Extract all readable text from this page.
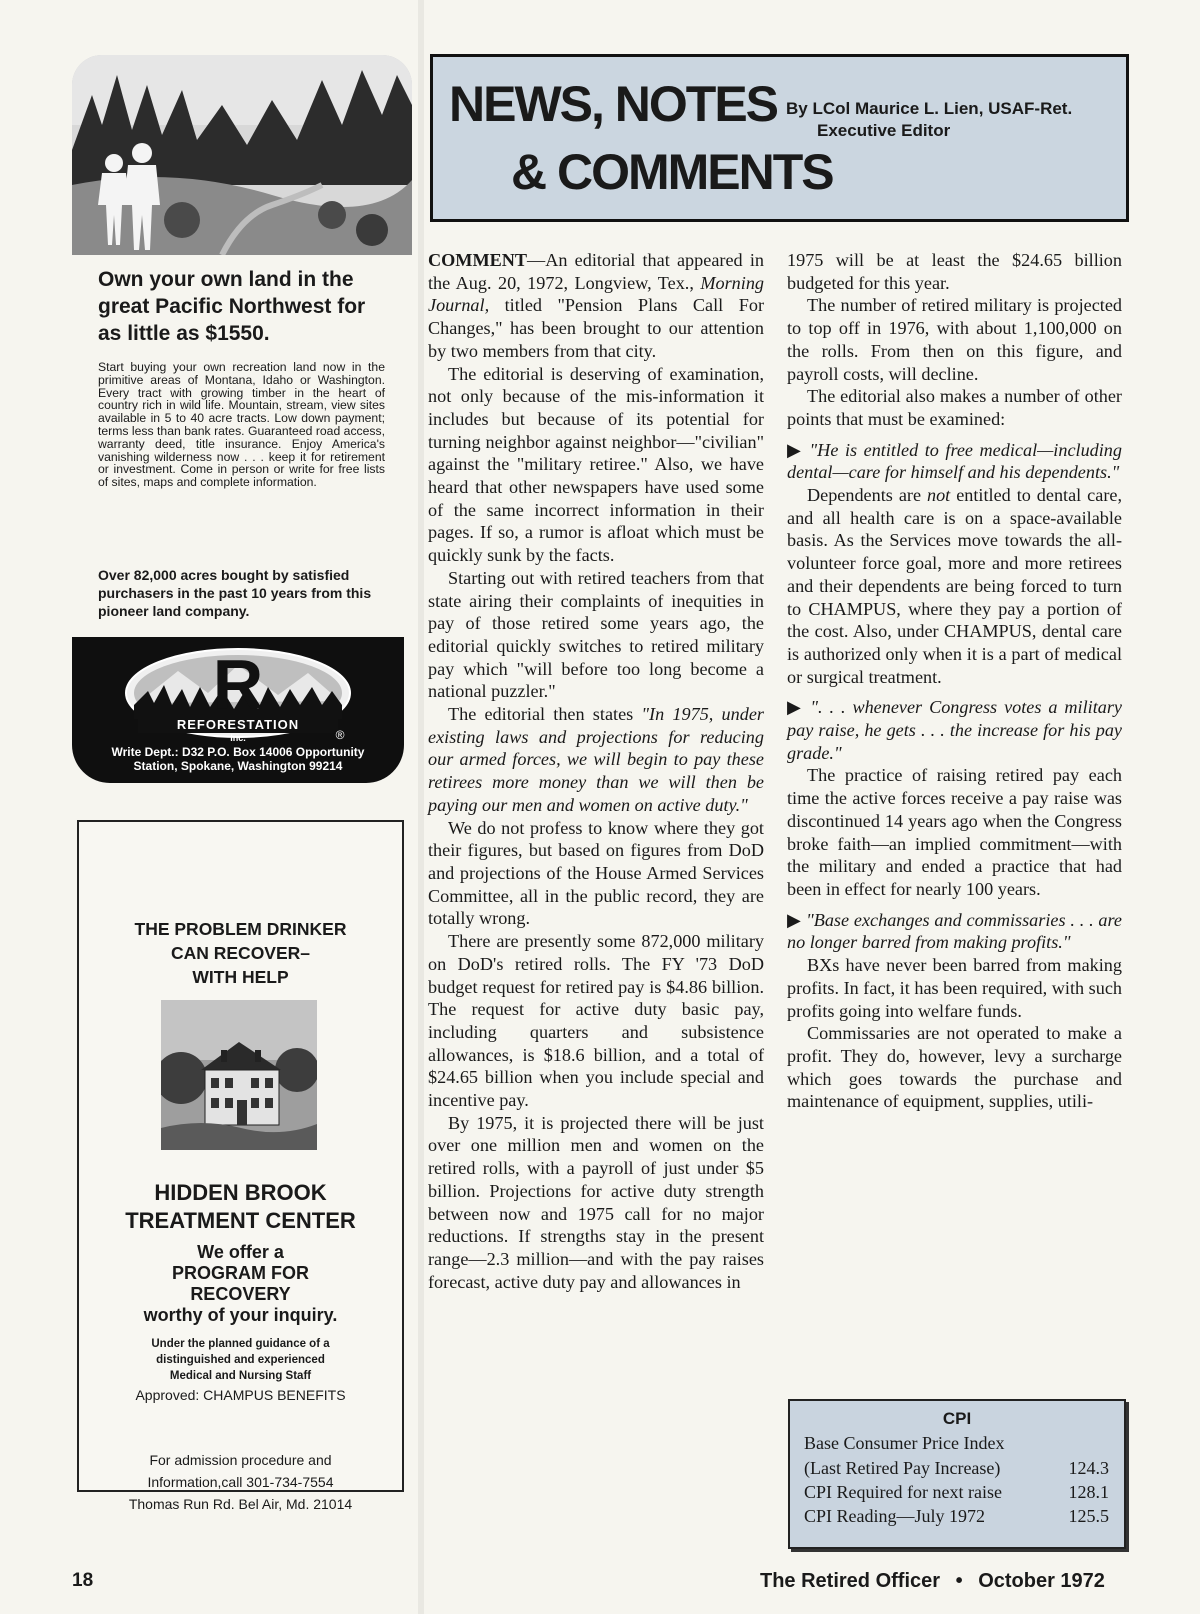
Own your own land in the great Pacific Northwest for as little as $1550.
Start buying your own recreation land now in the primitive areas of Montana, Idaho or Washington. Every tract with growing timber in the heart of country rich in wild life. Mountain, stream, view sites available in 5 to 40 acre tracts. Low down payment; terms less than bank rates. Guaranteed road access, warranty deed, title insurance. Enjoy America's vanishing wilderness now . . . keep it for retirement or investment. Come in person or write for free lists of sites, maps and complete information.
Over 82,000 acres bought by satisfied purchasers in the past 10 years from this pioneer land company.
R
REFORESTATION
Inc.	®
Write Dept.: D32 P.O. Box 14006 Opportunity
Station, Spokane, Washington 99214
THE PROBLEM DRINKER
CAN RECOVER–
WITH HELP
HIDDEN BROOK
TREATMENT CENTER
We offer a
PROGRAM FOR
RECOVERY
worthy of your inquiry.
Under the planned guidance of a
distinguished and experienced
Medical and Nursing Staff
Approved: CHAMPUS BENEFITS
For admission procedure and
Information,call 301-734-7554
Thomas Run Rd. Bel Air, Md. 21014
NEWS, NOTES
& COMMENTS
By LCol Maurice L. Lien, USAF-Ret.
Executive Editor

COMMENT—An editorial that appeared in the Aug. 20, 1972, Longview, Tex., Morning Journal, titled "Pension Plans Call For Changes," has been brought to our attention by two members from that city.

The editorial is deserving of examination, not only because of the mis-information it includes but because of its potential for turning neighbor against neighbor—"civilian" against the "military retiree." Also, we have heard that other newspapers have used some of the same incorrect information in their pages. If so, a rumor is afloat which must be quickly sunk by the facts.

Starting out with retired teachers from that state airing their complaints of inequities in pay of those retired some years ago, the editorial quickly switches to retired military pay which "will before too long become a national puzzler."

The editorial then states "In 1975, under existing laws and projections for reducing our armed forces, we will begin to pay these retirees more money than we will then be paying our men and women on active duty."

We do not profess to know where they got their figures, but based on figures from DoD and projections of the House Armed Services Committee, all in the public record, they are totally wrong.

There are presently some 872,000 military on DoD's retired rolls. The FY '73 DoD budget request for retired pay is $4.86 billion. The request for active duty basic pay, including quarters and subsistence allowances, is $18.6 billion, and a total of $24.65 billion when you include special and incentive pay.

By 1975, it is projected there will be just over one million men and women on the retired rolls, with a payroll of just under $5 billion. Projections for active duty strength between now and 1975 call for no major reductions. If strengths stay in the present range—2.3 million—and with the pay raises forecast, active duty pay and allowances in

1975 will be at least the $24.65 billion budgeted for this year.

The number of retired military is projected to top off in 1976, with about 1,100,000 on the rolls. From then on this figure, and payroll costs, will decline.

The editorial also makes a number of other points that must be examined:

▶ "He is entitled to free medical—including dental—care for himself and his dependents."

Dependents are not entitled to dental care, and all health care is on a space-available basis. As the Services move towards the all-volunteer force goal, more and more retirees and their dependents are being forced to turn to CHAMPUS, where they pay a portion of the cost. Also, under CHAMPUS, dental care is authorized only when it is a part of medical or surgical treatment.

▶ ". . . whenever Congress votes a military pay raise, he gets . . . the increase for his pay grade."

The practice of raising retired pay each time the active forces receive a pay raise was discontinued 14 years ago when the Congress broke faith—an implied commitment—with the military and ended a practice that had been in effect for nearly 100 years.

▶ "Base exchanges and commissaries . . . are no longer barred from making profits."

BXs have never been barred from making profits. In fact, it has been required, with such profits going into welfare funds.

Commissaries are not operated to make a profit. They do, however, levy a surcharge which goes towards the purchase and maintenance of equipment, supplies, utili-

CPI
Base Consumer Price Index
(Last Retired Pay Increase)	124.3
CPI Required for next raise	128.1
CPI Reading—July 1972	125.5
18	The Retired Officer • October 1972
